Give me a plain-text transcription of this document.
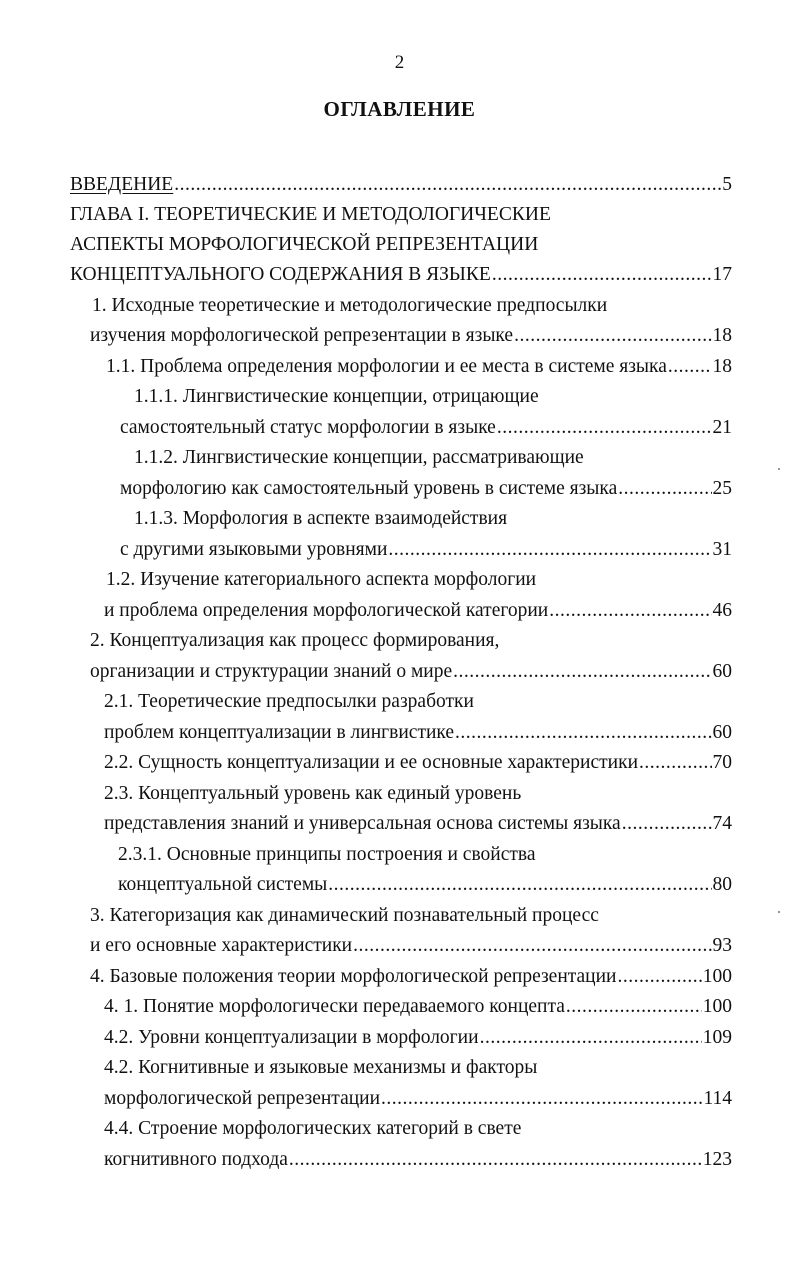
2
ОГЛАВЛЕНИЕ
ВВЕДЕНИЕ .....	5
ГЛАВА I. ТЕОРЕТИЧЕСКИЕ И МЕТОДОЛОГИЧЕСКИЕ
АСПЕКТЫ МОРФОЛОГИЧЕСКОЙ РЕПРЕЗЕНТАЦИИ
КОНЦЕПТУАЛЬНОГО СОДЕРЖАНИЯ В ЯЗЫКЕ .....	17
1. Исходные теоретические и методологические предпосылки
изучения морфологической репрезентации в языке .....	18
1.1. Проблема определения морфологии и ее места в системе языка ..... 18
1.1.1. Лингвистические концепции, отрицающие
самостоятельный статус морфологии в языке .....	21
1.1.2. Лингвистические концепции, рассматривающие
морфологию как самостоятельный уровень в системе языка .....	25
1.1.3. Морфология в аспекте взаимодействия
с другими языковыми уровнями .....	31
1.2. Изучение категориального аспекта морфологии
и проблема определения морфологической категории .....	46
2. Концептуализация как процесс формирования,
организации и структурации знаний о мире .....	60
2.1. Теоретические предпосылки разработки
проблем концептуализации в лингвистике .....	60
2.2. Сущность концептуализации и ее основные характеристики .....	70
2.3. Концептуальный уровень как единый уровень
представления знаний и универсальная основа системы языка .....	74
2.3.1. Основные принципы построения и свойства
концептуальной системы .....	80
3. Категоризация как динамический познавательный процесс
и его основные характеристики .....	93
4. Базовые положения теории морфологической репрезентации .....	100
4. 1. Понятие морфологически передаваемого концепта .....	100
4.2. Уровни концептуализации в морфологии .....	109
4.2. Когнитивные и языковые механизмы и факторы
морфологической репрезентации .....	114
4.4. Строение морфологических категорий в свете
когнитивного подхода .....	123
